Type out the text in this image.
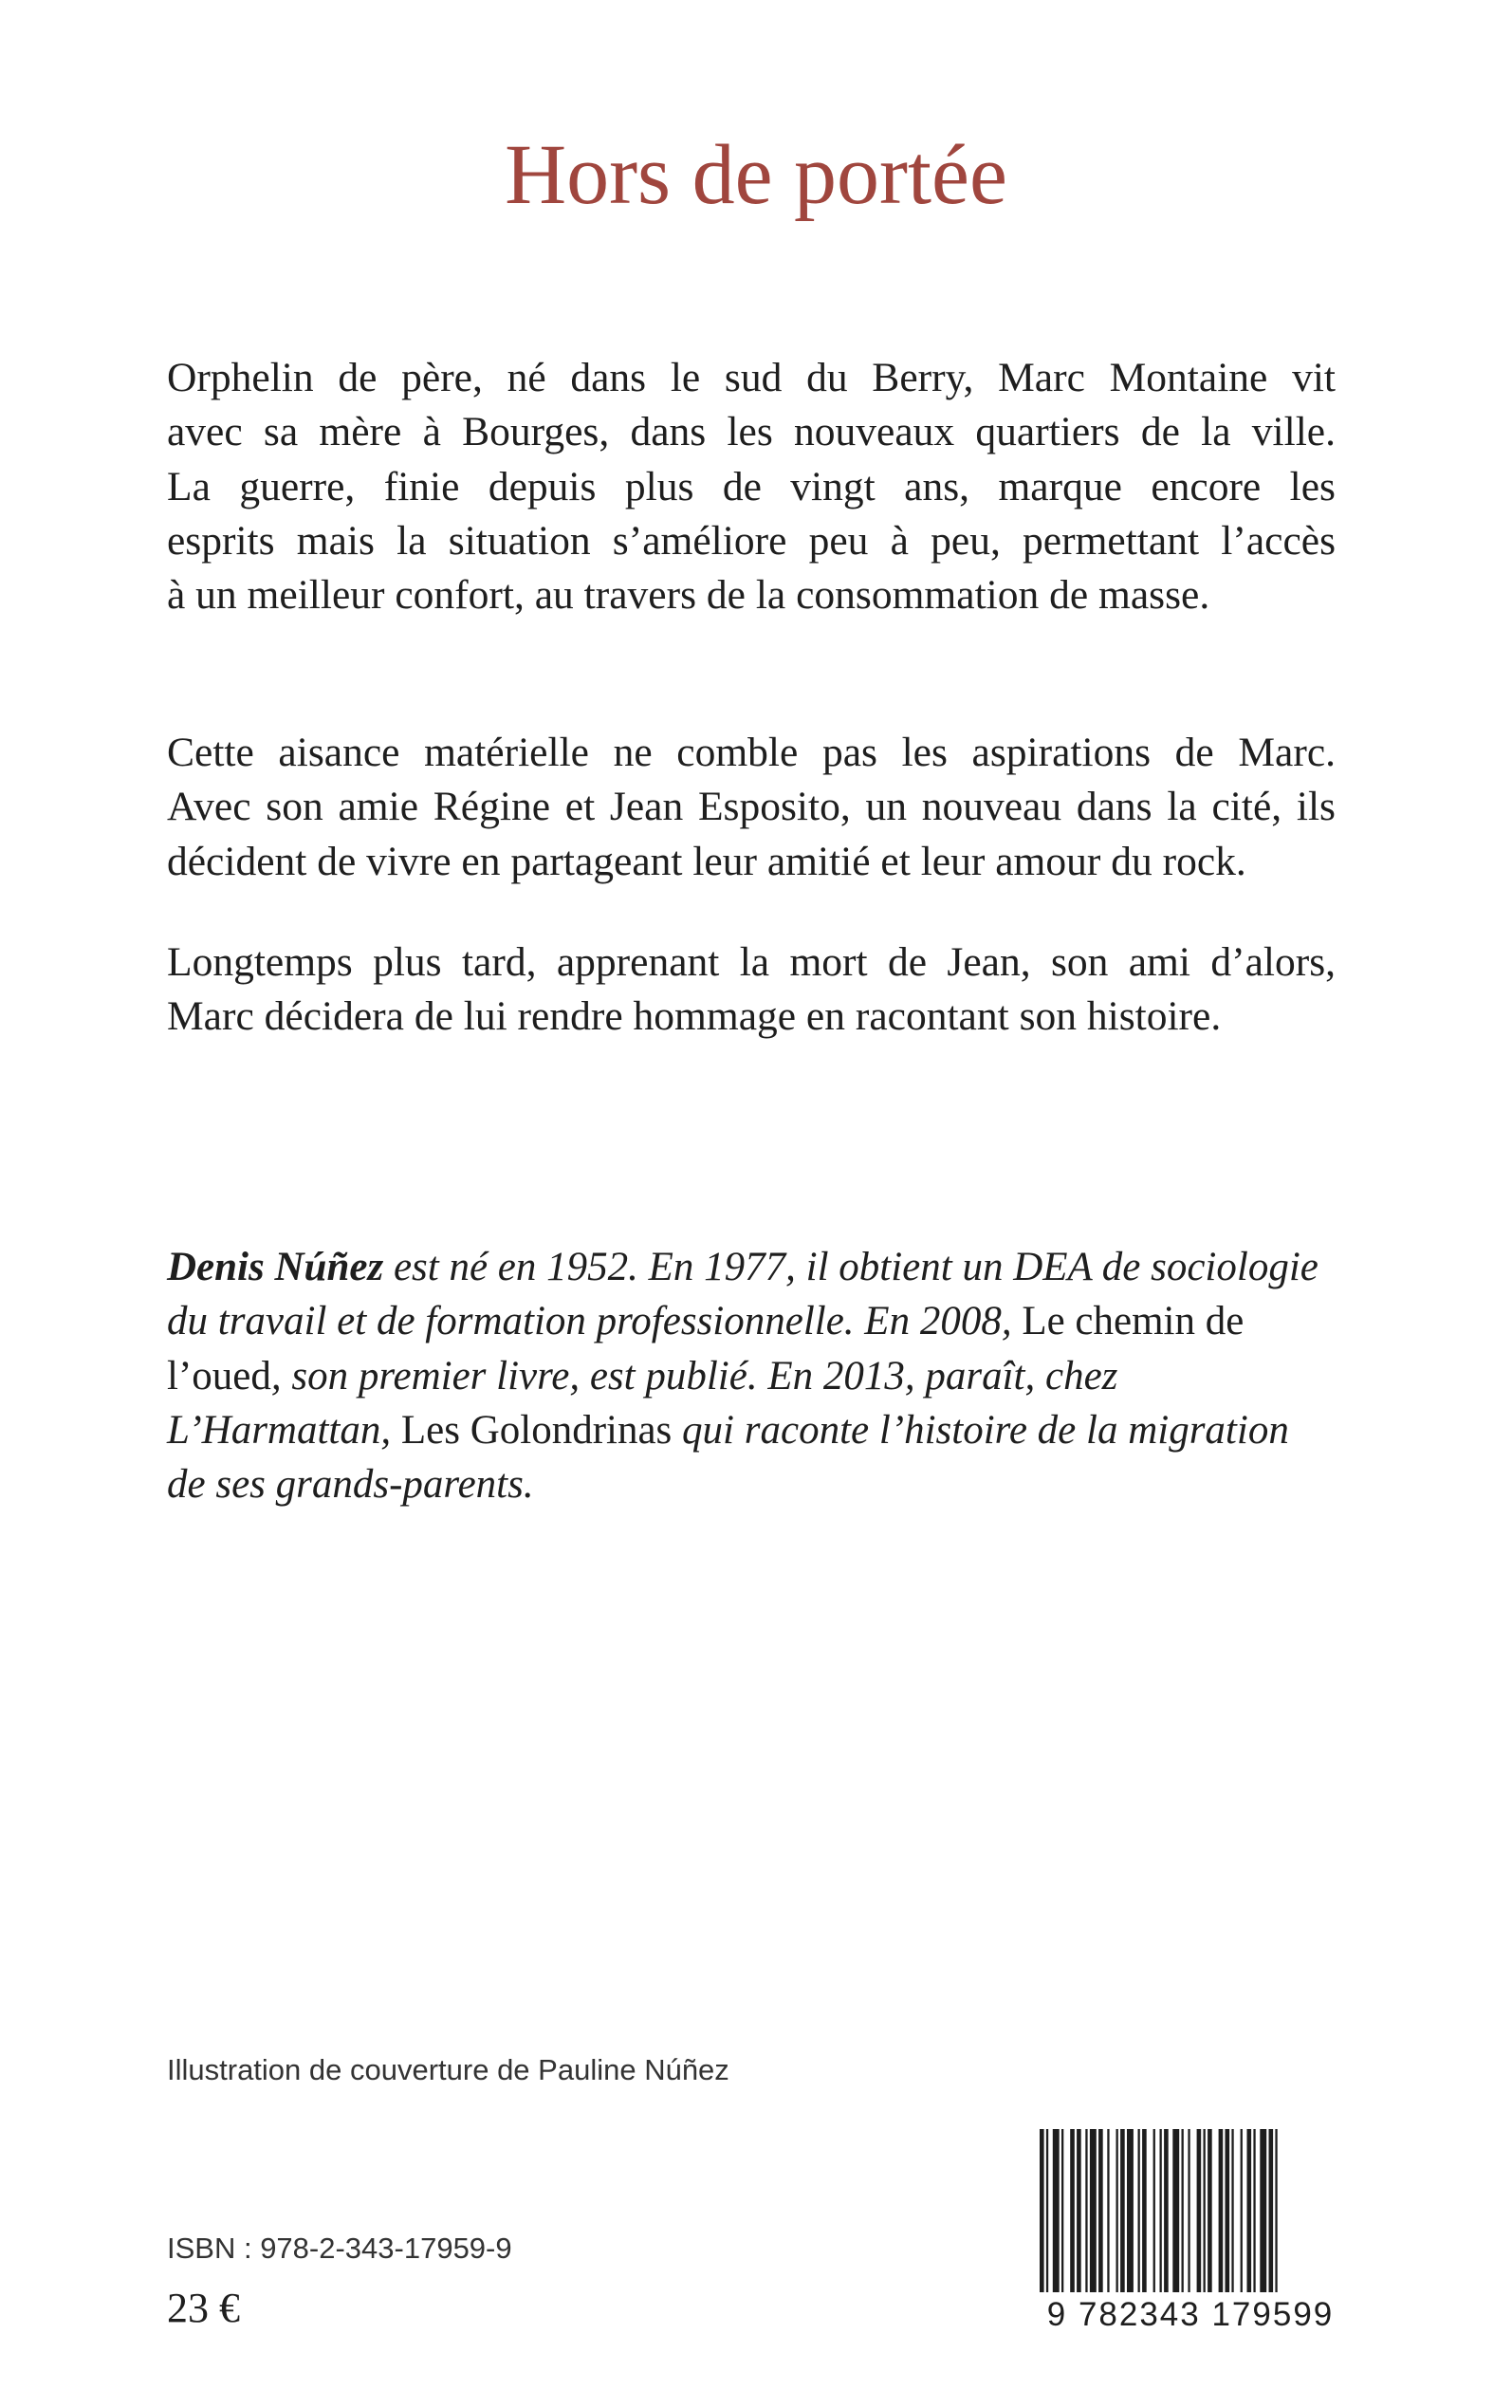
Hors de portée
Orphelin de père, né dans le sud du Berry, Marc Montaine vit
avec sa mère à Bourges, dans les nouveaux quartiers de la ville.
La guerre, finie depuis plus de vingt ans, marque encore les
esprits mais la situation s’améliore peu à peu, permettant l’accès
à un meilleur confort, au travers de la consommation de masse.
Cette aisance matérielle ne comble pas les aspirations de Marc.
Avec son amie Régine et Jean Esposito, un nouveau dans la cité, ils
décident de vivre en partageant leur amitié et leur amour du rock.
Longtemps plus tard, apprenant la mort de Jean, son ami d’alors,
Marc décidera de lui rendre hommage en racontant son histoire.
Denis Núñez est né en 1952. En 1977, il obtient un DEA de sociologie du travail et de formation professionnelle. En 2008, Le chemin de l’oued, son premier livre, est publié. En 2013, paraît, chez L’Harmattan, Les Golondrinas qui raconte l’histoire de la migration de ses grands-parents.
Illustration de couverture de Pauline Núñez
ISBN : 978-2-343-17959-9
23 €	9 782343 179599
